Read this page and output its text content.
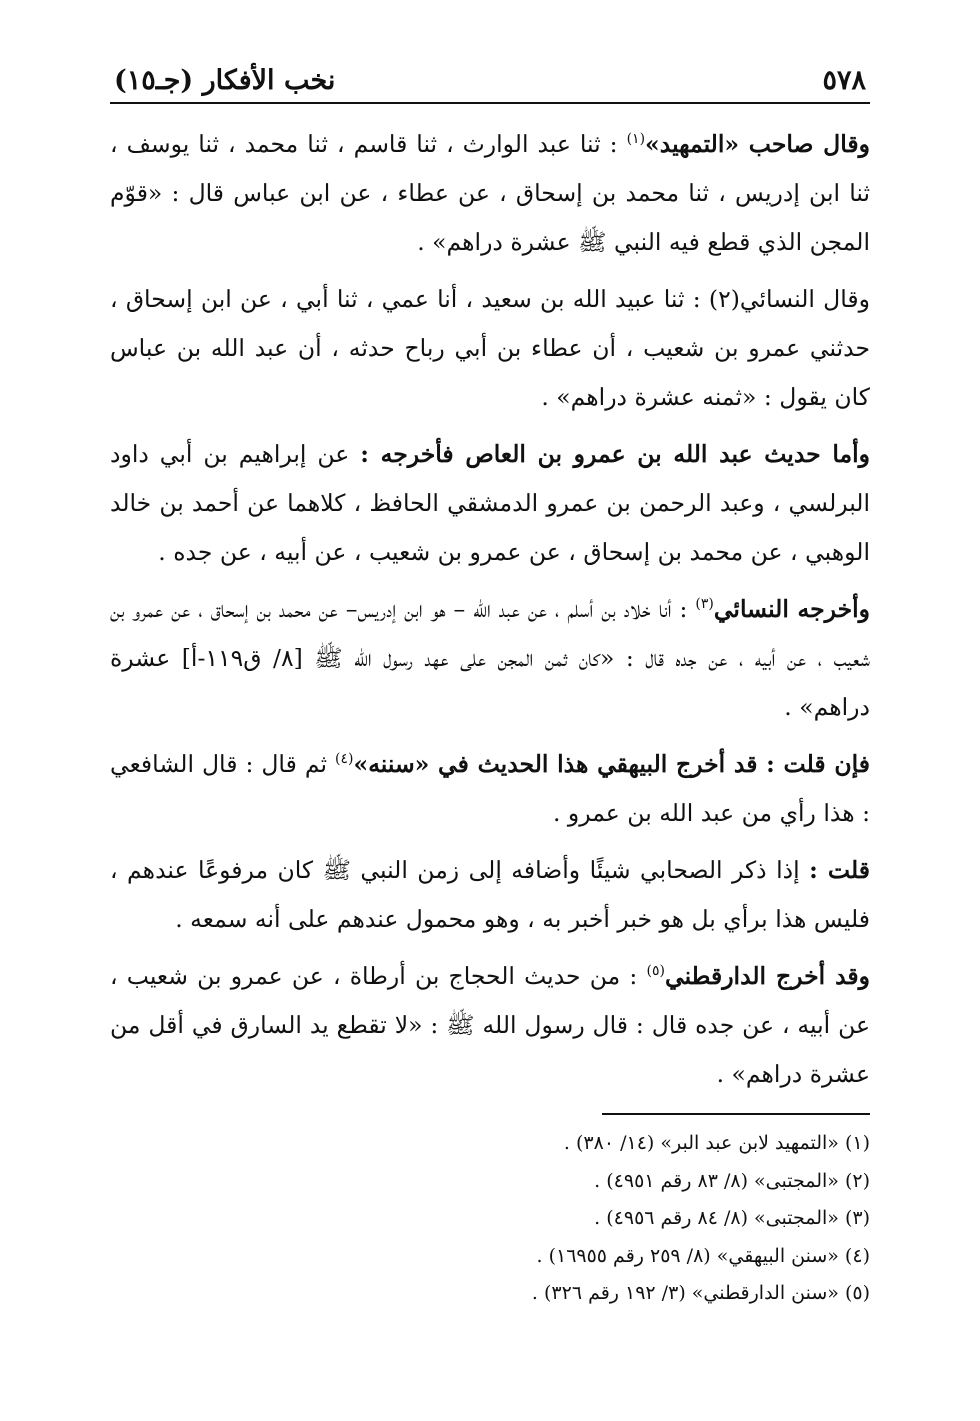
٥٧٨
نخب الأفكار (جـ١٥)

وقال صاحب «التمهيد»$^{(١)}$ : ثنا عبد الوارث ، ثنا قاسم ، ثنا محمد ، ثنا يوسف ، ثنا ابن إدريس ، ثنا محمد بن إسحاق ، عن عطاء ، عن ابن عباس قال : «قوّم المجن الذي قطع فيه النبي ﷺ عشرة دراهم» .

وقال النسائي(٢) : ثنا عبيد الله بن سعيد ، أنا عمي ، ثنا أبي ، عن ابن إسحاق ، حدثني عمرو بن شعيب ، أن عطاء بن أبي رباح حدثه ، أن عبد الله بن عباس كان يقول : «ثمنه عشرة دراهم» .

وأما حديث عبد الله بن عمرو بن العاص فأخرجه : عن إبراهيم بن أبي داود البرلسي ، وعبد الرحمن بن عمرو الدمشقي الحافظ ، كلاهما عن أحمد بن خالد الوهبي ، عن محمد بن إسحاق ، عن عمرو بن شعيب ، عن أبيه ، عن جده .

وأخرجه النسائي$^{(٣)}$ : أنا خلاد بن أسلم ، عن عبد الله – هو ابن إدريس– عن محمد بن إسحاق ، عن عمرو بن شعيب ، عن أبيه ، عن جده قال : «كان ثمن المجن على عهد رسول الله ﷺ [٨/ ق١١٩-أ] عشرة دراهم» .

فإن قلت : قد أخرج البيهقي هذا الحديث في «سننه»$^{(٤)}$ ثم قال : قال الشافعي : هذا رأي من عبد الله بن عمرو .

قلت : إذا ذكر الصحابي شيئًا وأضافه إلى زمن النبي ﷺ كان مرفوعًا عندهم ، فليس هذا برأي بل هو خبر أخبر به ، وهو محمول عندهم على أنه سمعه .

وقد أخرج الدارقطني$^{(٥)}$ : من حديث الحجاج بن أرطاة ، عن عمرو بن شعيب ، عن أبيه ، عن جده قال : قال رسول الله ﷺ : «لا تقطع يد السارق في أقل من عشرة دراهم» .

(١) «التمهيد لابن عبد البر» (١٤/ ٣٨٠) .

(٢) «المجتبى» (٨/ ٨٣ رقم ٤٩٥١) .

(٣) «المجتبى» (٨/ ٨٤ رقم ٤٩٥٦) .

(٤) «سنن البيهقي» (٨/ ٢٥٩ رقم ١٦٩٥٥) .

(٥) «سنن الدارقطني» (٣/ ١٩٢ رقم ٣٢٦) .
